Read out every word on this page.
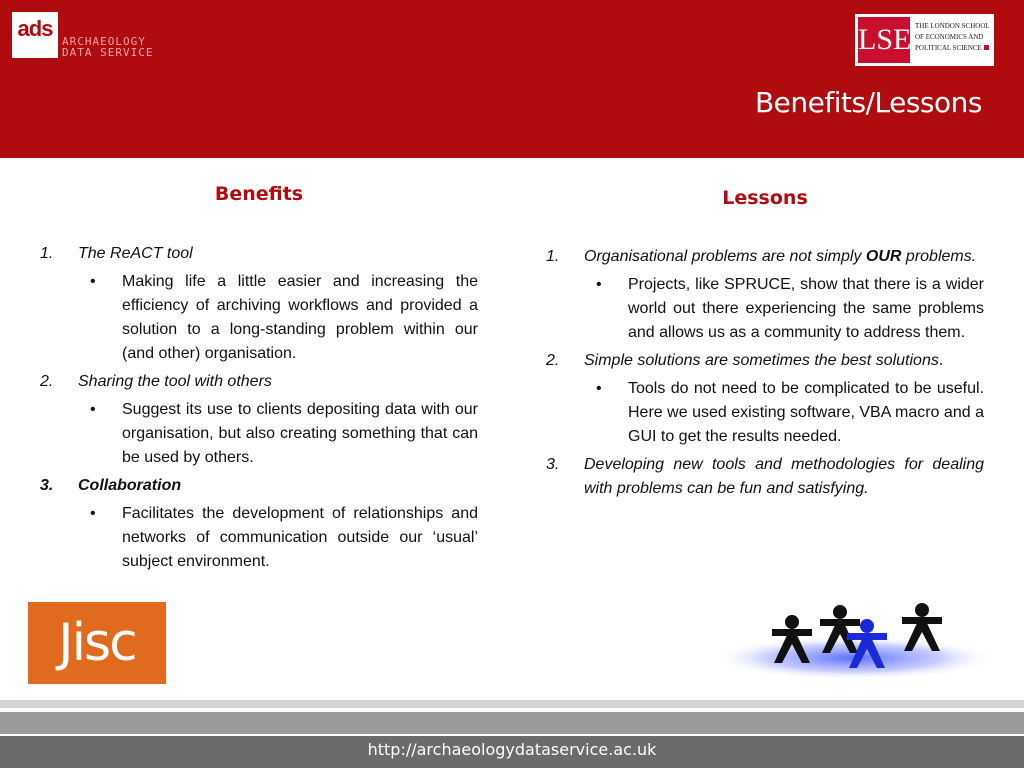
ads
ARCHAEOLOGY
DATA SERVICE	LSE THE LONDON SCHOOL
OF ECONOMICS AND
POLITICAL SCIENCE
Benefits/Lessons
Benefits
1. The ReACT tool
• Making life a little easier and increasing the efficiency of archiving workflows and provided a solution to a long-standing problem within our (and other) organisation.
2. Sharing the tool with others
• Suggest its use to clients depositing data with our organisation, but also creating something that can be used by others.
3. Collaboration
• Facilitates the development of relationships and networks of communication outside our ‘usual’ subject environment.
Lessons
1. Organisational problems are not simply OUR problems.
• Projects, like SPRUCE, show that there is a wider world out there experiencing the same problems and allows us as a community to address them.
2. Simple solutions are sometimes the best solutions.
• Tools do not need to be complicated to be useful. Here we used existing software, VBA macro and a GUI to get the results needed.
3. Developing new tools and methodologies for dealing with problems can be fun and satisfying.
Jisc
http://archaeologydataservice.ac.uk
